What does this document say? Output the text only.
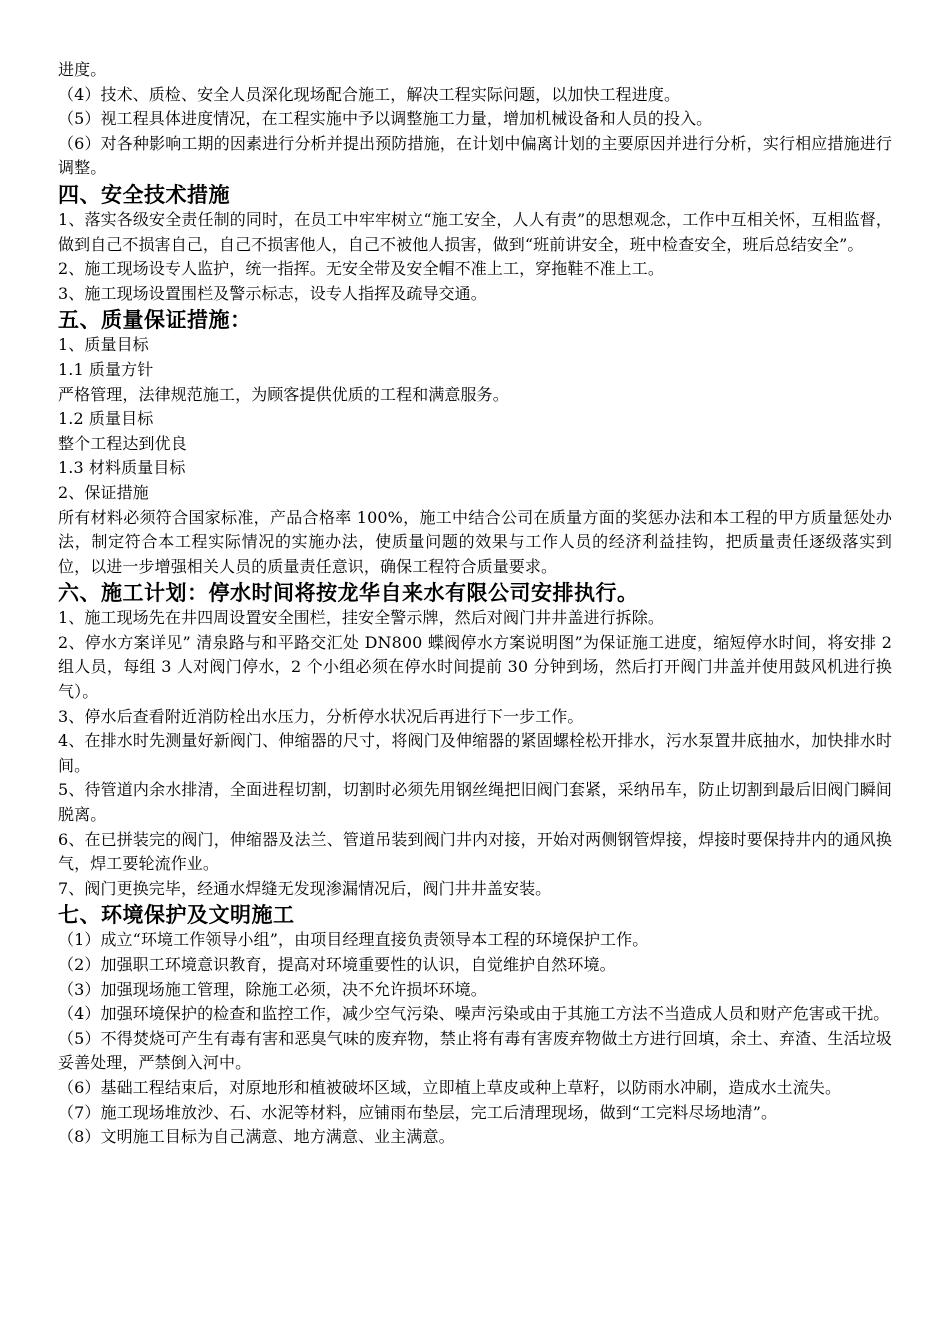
进度。

（4）技术、质检、安全人员深化现场配合施工，解决工程实际问题，以加快工程进度。

（5）视工程具体进度情况，在工程实施中予以调整施工力量，增加机械设备和人员的投入。

（6）对各种影响工期的因素进行分析并提出预防措施，在计划中偏离计划的主要原因并进行分析，实行相应措施进行调整。

四、安全技术措施

1、落实各级安全责任制的同时，在员工中牢牢树立“施工安全，人人有责”的思想观念，工作中互相关怀，互相监督，做到自己不损害自己，自己不损害他人，自己不被他人损害，做到“班前讲安全，班中检查安全，班后总结安全”。

2、施工现场设专人监护，统一指挥。无安全带及安全帽不准上工，穿拖鞋不准上工。

3、施工现场设置围栏及警示标志，设专人指挥及疏导交通。

五、质量保证措施：

1、质量目标

1.1 质量方针

严格管理，法律规范施工，为顾客提供优质的工程和满意服务。

1.2 质量目标

整个工程达到优良

1.3 材料质量目标

2、保证措施

所有材料必须符合国家标准，产品合格率 100%，施工中结合公司在质量方面的奖惩办法和本工程的甲方质量惩处办法，制定符合本工程实际情况的实施办法，使质量问题的效果与工作人员的经济利益挂钩，把质量责任逐级落实到位，以进一步增强相关人员的质量责任意识，确保工程符合质量要求。

六、施工计划：停水时间将按龙华自来水有限公司安排执行。

1、施工现场先在井四周设置安全围栏，挂安全警示牌，然后对阀门井井盖进行拆除。

2、停水方案详见” 清泉路与和平路交汇处 DN800 蝶阀停水方案说明图”为保证施工进度，缩短停水时间，将安排 2 组人员，每组 3 人对阀门停水，2 个小组必须在停水时间提前 30 分钟到场，然后打开阀门井盖并使用鼓风机进行换气）。

3、停水后查看附近消防栓出水压力，分析停水状况后再进行下一步工作。

4、在排水时先测量好新阀门、伸缩器的尺寸，将阀门及伸缩器的紧固螺栓松开排水，污水泵置井底抽水，加快排水时间。

5、待管道内余水排清，全面进程切割，切割时必须先用钢丝绳把旧阀门套紧，采纳吊车，防止切割到最后旧阀门瞬间脱离。

6、在已拼装完的阀门，伸缩器及法兰、管道吊装到阀门井内对接，开始对两侧钢管焊接，焊接时要保持井内的通风换气，焊工要轮流作业。

7、阀门更换完毕，经通水焊缝无发现渗漏情况后，阀门井井盖安装。

七、环境保护及文明施工

（1）成立“环境工作领导小组”，由项目经理直接负责领导本工程的环境保护工作。

（2）加强职工环境意识教育，提高对环境重要性的认识，自觉维护自然环境。

（3）加强现场施工管理，除施工必须，决不允许损坏环境。

（4）加强环境保护的检查和监控工作，减少空气污染、噪声污染或由于其施工方法不当造成人员和财产危害或干扰。

（5）不得焚烧可产生有毒有害和恶臭气味的废弃物，禁止将有毒有害废弃物做土方进行回填，余土、弃渣、生活垃圾妥善处理，严禁倒入河中。

（6）基础工程结束后，对原地形和植被破坏区域，立即植上草皮或种上草籽，以防雨水冲刷，造成水土流失。

（7）施工现场堆放沙、石、水泥等材料，应铺雨布垫层，完工后清理现场，做到“工完料尽场地清”。

（8）文明施工目标为自己满意、地方满意、业主满意。
